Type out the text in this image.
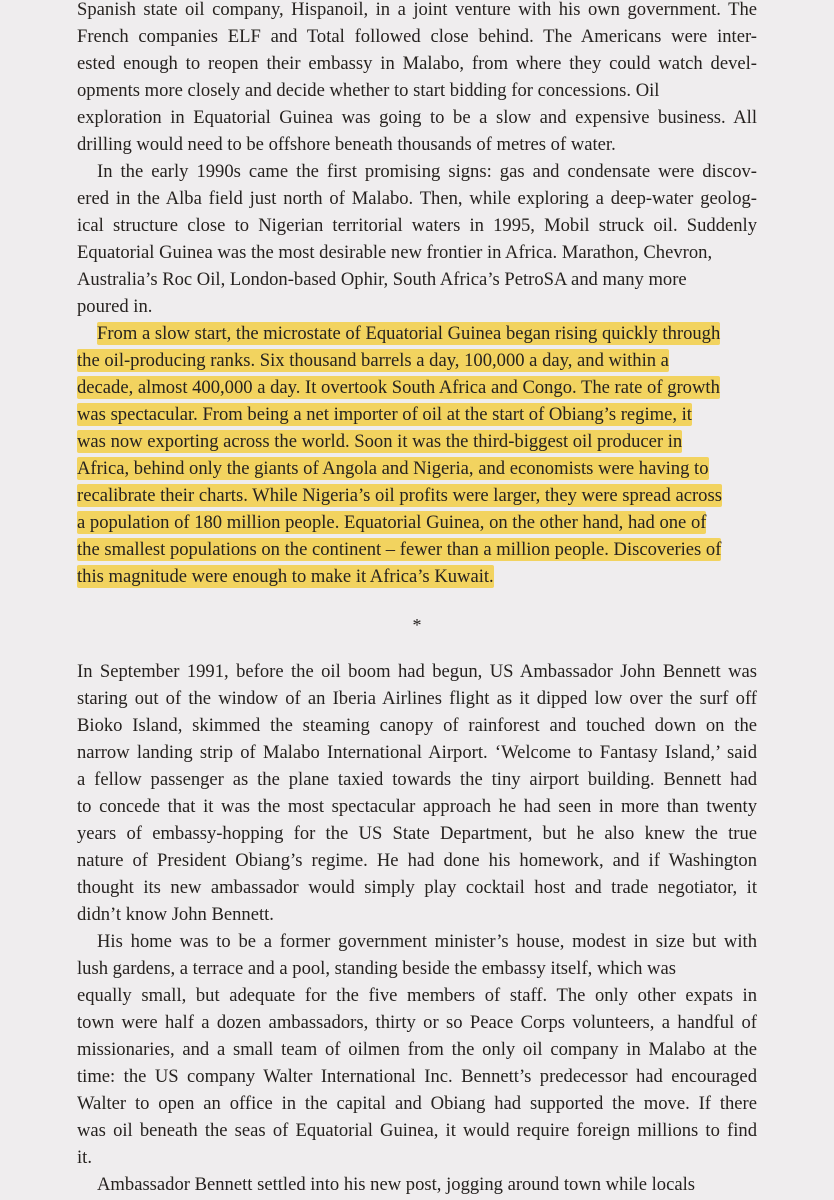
Spanish state oil company, Hispanoil, in a joint venture with his own government. The
French companies ELF and Total followed close behind. The Americans were inter-
ested enough to reopen their embassy in Malabo, from where they could watch devel-
opments more closely and decide whether to start bidding for concessions. Oil
exploration in Equatorial Guinea was going to be a slow and expensive business. All
drilling would need to be offshore beneath thousands of metres of water.
In the early 1990s came the first promising signs: gas and condensate were discov-
ered in the Alba field just north of Malabo. Then, while exploring a deep-water geolog-
ical structure close to Nigerian territorial waters in 1995, Mobil struck oil. Suddenly
Equatorial Guinea was the most desirable new frontier in Africa. Marathon, Chevron,
Australia’s Roc Oil, London-based Ophir, South Africa’s PetroSA and many more
poured in.
From a slow start, the microstate of Equatorial Guinea began rising quickly through
the oil-producing ranks. Six thousand barrels a day, 100,000 a day, and within a
decade, almost 400,000 a day. It overtook South Africa and Congo. The rate of growth
was spectacular. From being a net importer of oil at the start of Obiang’s regime, it
was now exporting across the world. Soon it was the third-biggest oil producer in
Africa, behind only the giants of Angola and Nigeria, and economists were having to
recalibrate their charts. While Nigeria’s oil profits were larger, they were spread across
a population of 180 million people. Equatorial Guinea, on the other hand, had one of
the smallest populations on the continent – fewer than a million people. Discoveries of
this magnitude were enough to make it Africa’s Kuwait.
*
In September 1991, before the oil boom had begun, US Ambassador John Bennett was
staring out of the window of an Iberia Airlines flight as it dipped low over the surf off
Bioko Island, skimmed the steaming canopy of rainforest and touched down on the
narrow landing strip of Malabo International Airport. ‘Welcome to Fantasy Island,’ said
a fellow passenger as the plane taxied towards the tiny airport building. Bennett had
to concede that it was the most spectacular approach he had seen in more than twenty
years of embassy-hopping for the US State Department, but he also knew the true
nature of President Obiang’s regime. He had done his homework, and if Washington
thought its new ambassador would simply play cocktail host and trade negotiator, it
didn’t know John Bennett.
His home was to be a former government minister’s house, modest in size but with
lush gardens, a terrace and a pool, standing beside the embassy itself, which was
equally small, but adequate for the five members of staff. The only other expats in
town were half a dozen ambassadors, thirty or so Peace Corps volunteers, a handful of
missionaries, and a small team of oilmen from the only oil company in Malabo at the
time: the US company Walter International Inc. Bennett’s predecessor had encouraged
Walter to open an office in the capital and Obiang had supported the move. If there
was oil beneath the seas of Equatorial Guinea, it would require foreign millions to find
it.
Ambassador Bennett settled into his new post, jogging around town while locals
